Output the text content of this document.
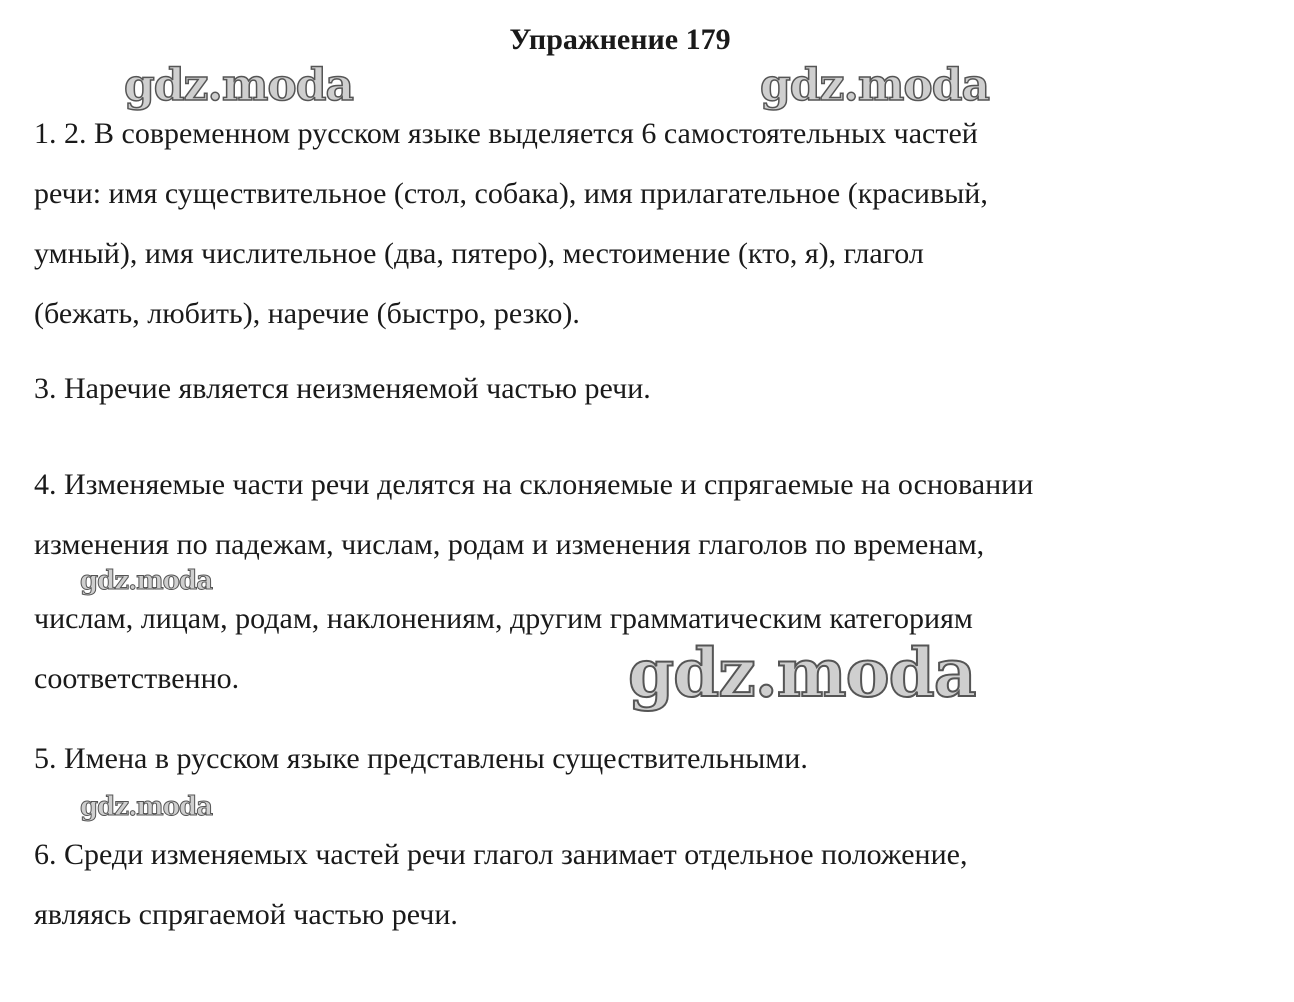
Упражнение 179

1. 2. В современном русском языке выделяется 6 самостоятельных частей
речи: имя существительное (стол, собака), имя прилагательное (красивый,
умный), имя числительное (два, пятеро), местоимение (кто, я), глагол
(бежать, любить), наречие (быстро, резко).

3. Наречие является неизменяемой частью речи.

4. Изменяемые части речи делятся на склоняемые и спрягаемые на основании
изменения по падежам, числам, родам и изменения глаголов по временам,
числам, лицам, родам, наклонениям, другим грамматическим категориям
соответственно.

5. Имена в русском языке представлены существительными.

6. Среди изменяемых частей речи глагол занимает отдельное положение,
являясь спрягаемой частью речи.

gdz.moda	gdz.moda
gdz.moda
gdz.moda
gdz.moda
